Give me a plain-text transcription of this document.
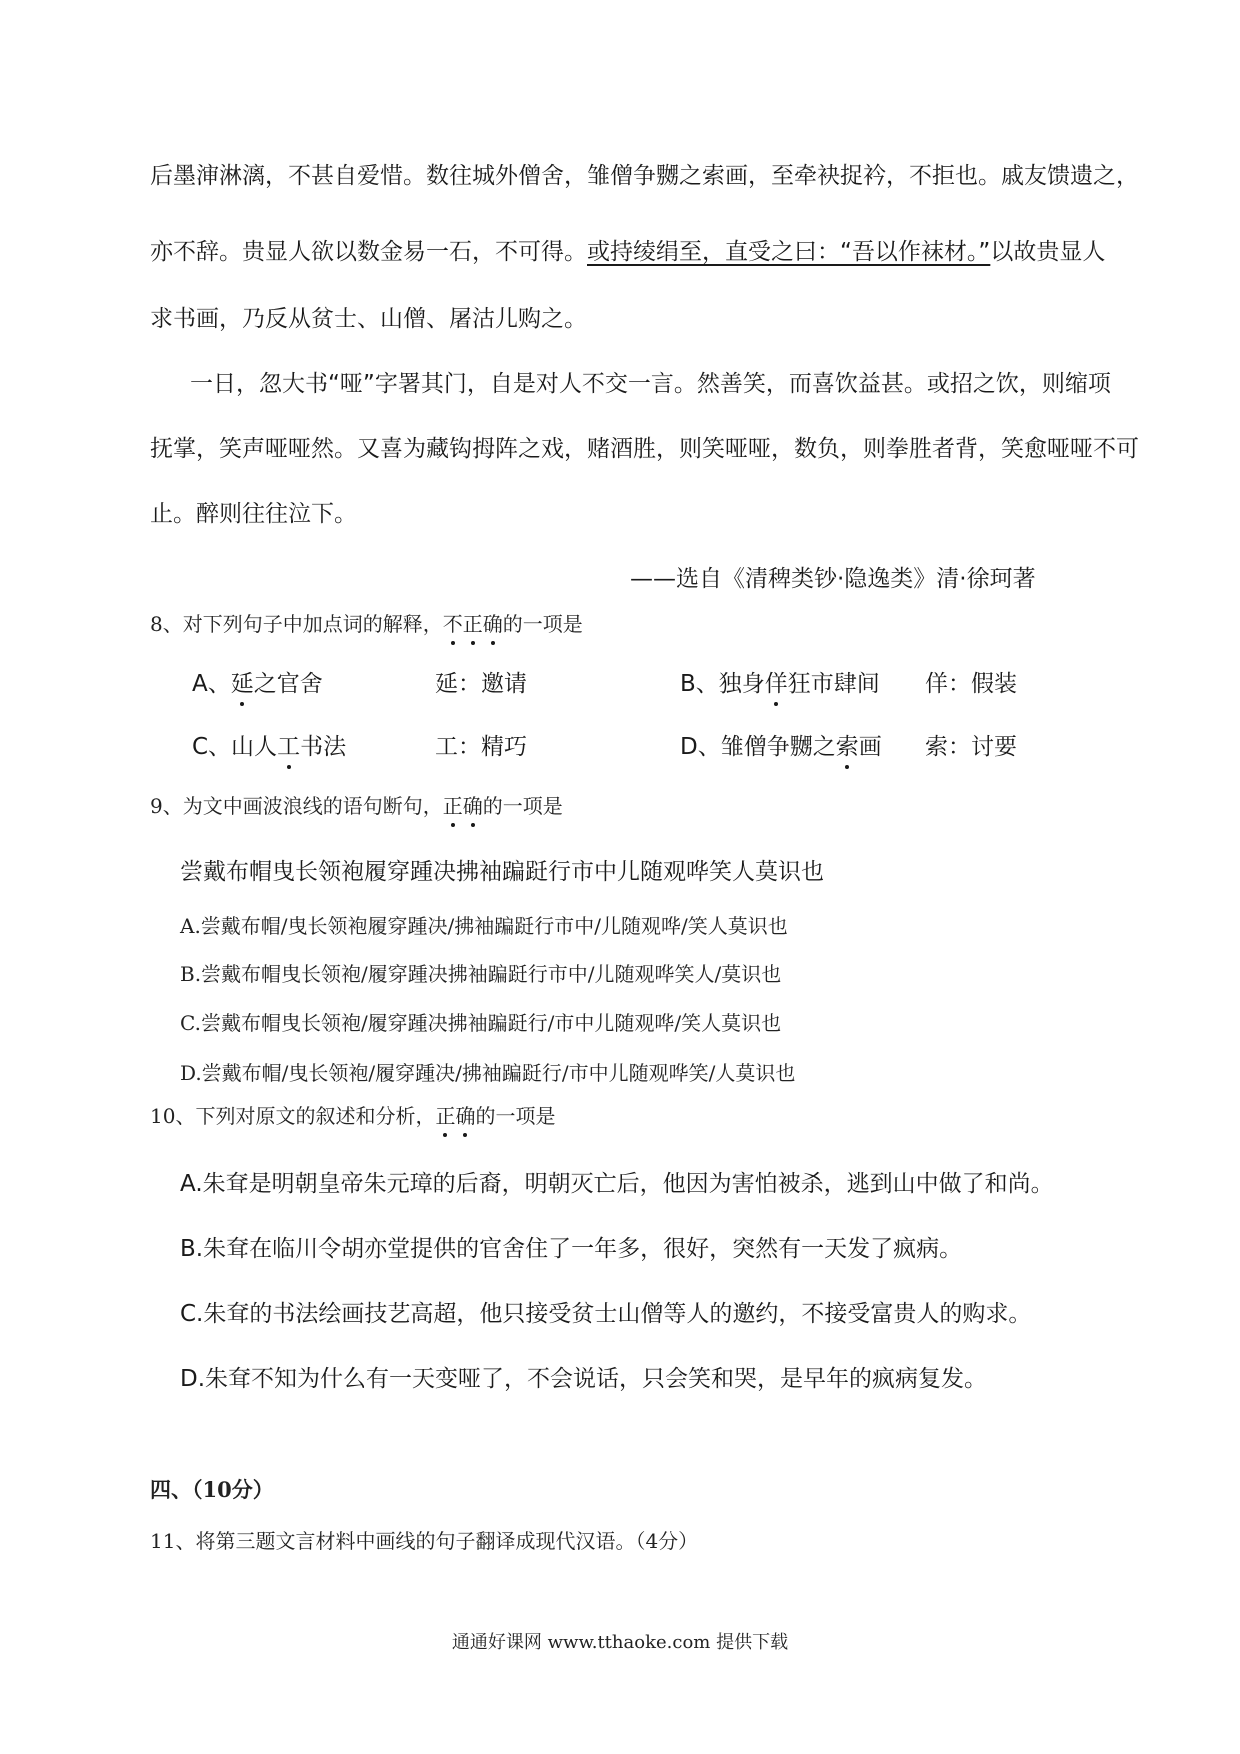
后墨渖淋漓，不甚自爱惜。数往城外僧舍，雏僧争嬲之索画，至牵袂捉衿，不拒也。戚友馈遗之，
亦不辞。贵显人欲以数金易一石，不可得。或持绫绢至，直受之曰：“吾以作袜材。”以故贵显人
求书画，乃反从贫士、山僧、屠沽儿购之。
一日，忽大书“哑”字署其门，自是对人不交一言。然善笑，而喜饮益甚。或招之饮，则缩项
抚掌，笑声哑哑然。又喜为藏钩拇阵之戏，赌酒胜，则笑哑哑，数负，则拳胜者背，笑愈哑哑不可
止。醉则往往泣下。
——选自《清稗类钞·隐逸类》清·徐珂著
8、对下列句子中加点词的解释，不正确的一项是
A、延之官舍	延：邀请	B、独身佯狂市肆间 佯：假装
C、山人工书法	工：精巧	D、雏僧争嬲之索画 索：讨要
9、为文中画波浪线的语句断句，正确的一项是
尝戴布帽曳长领袍履穿踵决拂袖蹁跹行市中儿随观哗笑人莫识也
A.尝戴布帽/曳长领袍履穿踵决/拂袖蹁跹行市中/儿随观哗/笑人莫识也
B.尝戴布帽曳长领袍/履穿踵决拂袖蹁跹行市中/儿随观哗笑人/莫识也
C.尝戴布帽曳长领袍/履穿踵决拂袖蹁跹行/市中儿随观哗/笑人莫识也
D.尝戴布帽/曳长领袍/履穿踵决/拂袖蹁跹行/市中儿随观哗笑/人莫识也
10、下列对原文的叙述和分析，正确的一项是
A.朱耷是明朝皇帝朱元璋的后裔，明朝灭亡后，他因为害怕被杀，逃到山中做了和尚。
B.朱耷在临川令胡亦堂提供的官舍住了一年多，很好，突然有一天发了疯病。
C.朱耷的书法绘画技艺高超，他只接受贫士山僧等人的邀约，不接受富贵人的购求。
D.朱耷不知为什么有一天变哑了，不会说话，只会笑和哭，是早年的疯病复发。
四、（10分）
11、将第三题文言材料中画线的句子翻译成现代汉语。（4分）
通通好课网 www.tthaoke.com 提供下载
